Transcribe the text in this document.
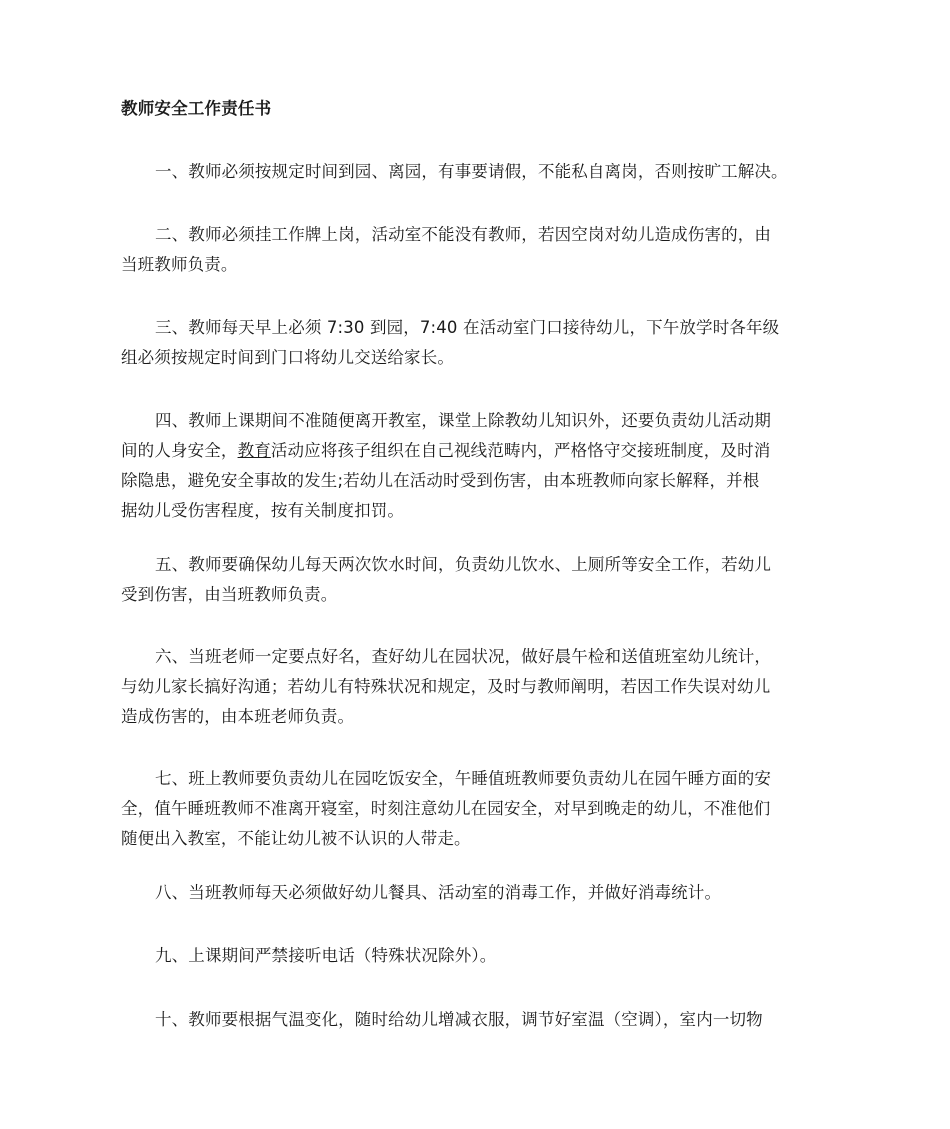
教师安全工作责任书

一、教师必须按规定时间到园、离园，有事要请假，不能私自离岗，否则按旷工解决。

二、教师必须挂工作牌上岗，活动室不能没有教师，若因空岗对幼儿造成伤害的，由
当班教师负责。

三、教师每天早上必须 7:30 到园，7:40 在活动室门口接待幼儿，下午放学时各年级
组必须按规定时间到门口将幼儿交送给家长。

四、教师上课期间不准随便离开教室，课堂上除教幼儿知识外，还要负责幼儿活动期
间的人身安全，教育活动应将孩子组织在自己视线范畴内，严格恪守交接班制度，及时消
除隐患，避免安全事故的发生;若幼儿在活动时受到伤害，由本班教师向家长解释，并根
据幼儿受伤害程度，按有关制度扣罚。

五、教师要确保幼儿每天两次饮水时间，负责幼儿饮水、上厕所等安全工作，若幼儿
受到伤害，由当班教师负责。

六、当班老师一定要点好名，查好幼儿在园状况，做好晨午检和送值班室幼儿统计，
与幼儿家长搞好沟通；若幼儿有特殊状况和规定，及时与教师阐明，若因工作失误对幼儿
造成伤害的，由本班老师负责。

七、班上教师要负责幼儿在园吃饭安全，午睡值班教师要负责幼儿在园午睡方面的安
全，值午睡班教师不准离开寝室，时刻注意幼儿在园安全，对早到晚走的幼儿，不准他们
随便出入教室，不能让幼儿被不认识的人带走。

八、当班教师每天必须做好幼儿餐具、活动室的消毒工作，并做好消毒统计。

九、上课期间严禁接听电话（特殊状况除外）。

十、教师要根据气温变化，随时给幼儿增减衣服，调节好室温（空调），室内一切物
